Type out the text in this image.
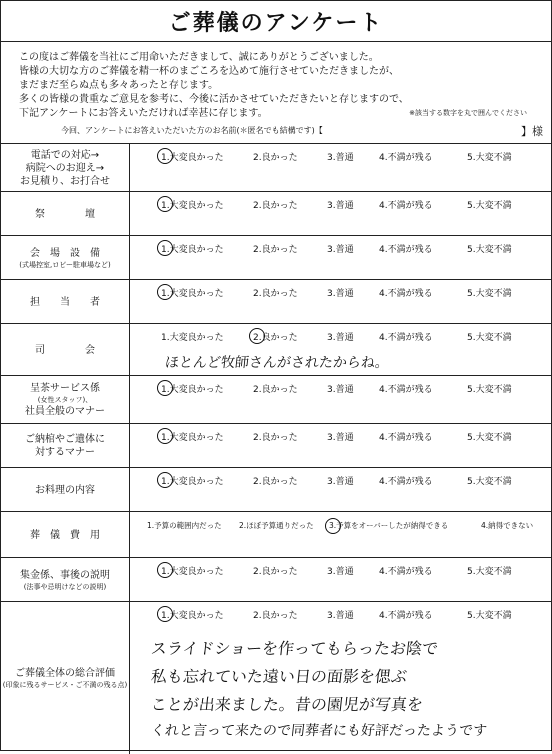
ご葬儀のアンケート
この度はご葬儀を当社にご用命いただきまして、誠にありがとうございました。
皆様の大切な方のご葬儀を精一杯のまごころを込めて施行させていただきましたが、
まだまだ至らぬ点も多々あったと存じます。
多くの皆様の貴重なご意見を参考に、今後に活かさせていただきたいと存じますので、
下記アンケートにお答えいただければ幸甚に存じます。	※該当する数字を丸で囲んでください
今回、アンケートにお答えいただいた方のお名前(＊匿名でも結構です)【	】様
電話での対応→
病院へのお迎え→
お見積り、お打合せ
1.大変良かった	2.良かった	3.普通	4.不満が残る	5.大変不満
祭　　　　壇
1.大変良かった	2.良かった	3.普通	4.不満が残る	5.大変不満
会　場　設　備
(式場控室,ロビー駐車場など)
1.大変良かった	2.良かった	3.普通	4.不満が残る	5.大変不満
担　　当　　者
1.大変良かった	2.良かった	3.普通	4.不満が残る	5.大変不満
司　　　　会
1.大変良かった	2.良かった	3.普通	4.不満が残る	5.大変不満
ほとんど牧師さんがされたからね。
呈茶サービス係
(女性スタッフ)、
社員全般のマナー
1.大変良かった	2.良かった	3.普通	4.不満が残る	5.大変不満
ご納棺やご遺体に
対するマナー
1.大変良かった	2.良かった	3.普通	4.不満が残る	5.大変不満
お料理の内容
1.大変良かった	2.良かった	3.普通	4.不満が残る	5.大変不満
葬　儀　費　用
1.予算の範囲内だった 2.ほぼ予算通りだった 3.予算をオーバーしたが納得できる	4.納得できない
集金係、事後の説明
(法事や忌明けなどの説明)
1.大変良かった	2.良かった	3.普通	4.不満が残る	5.大変不満
ご葬儀全体の総合評価
(印象に残るサービス・ご不満の残る点)
1.大変良かった	2.良かった	3.普通	4.不満が残る	5.大変不満
スライドショーを作ってもらったお陰で
私も忘れていた遠い日の面影を偲ぶ
ことが出来ました。昔の園児が写真を
くれと言って来たので同葬者にも好評だったようです
